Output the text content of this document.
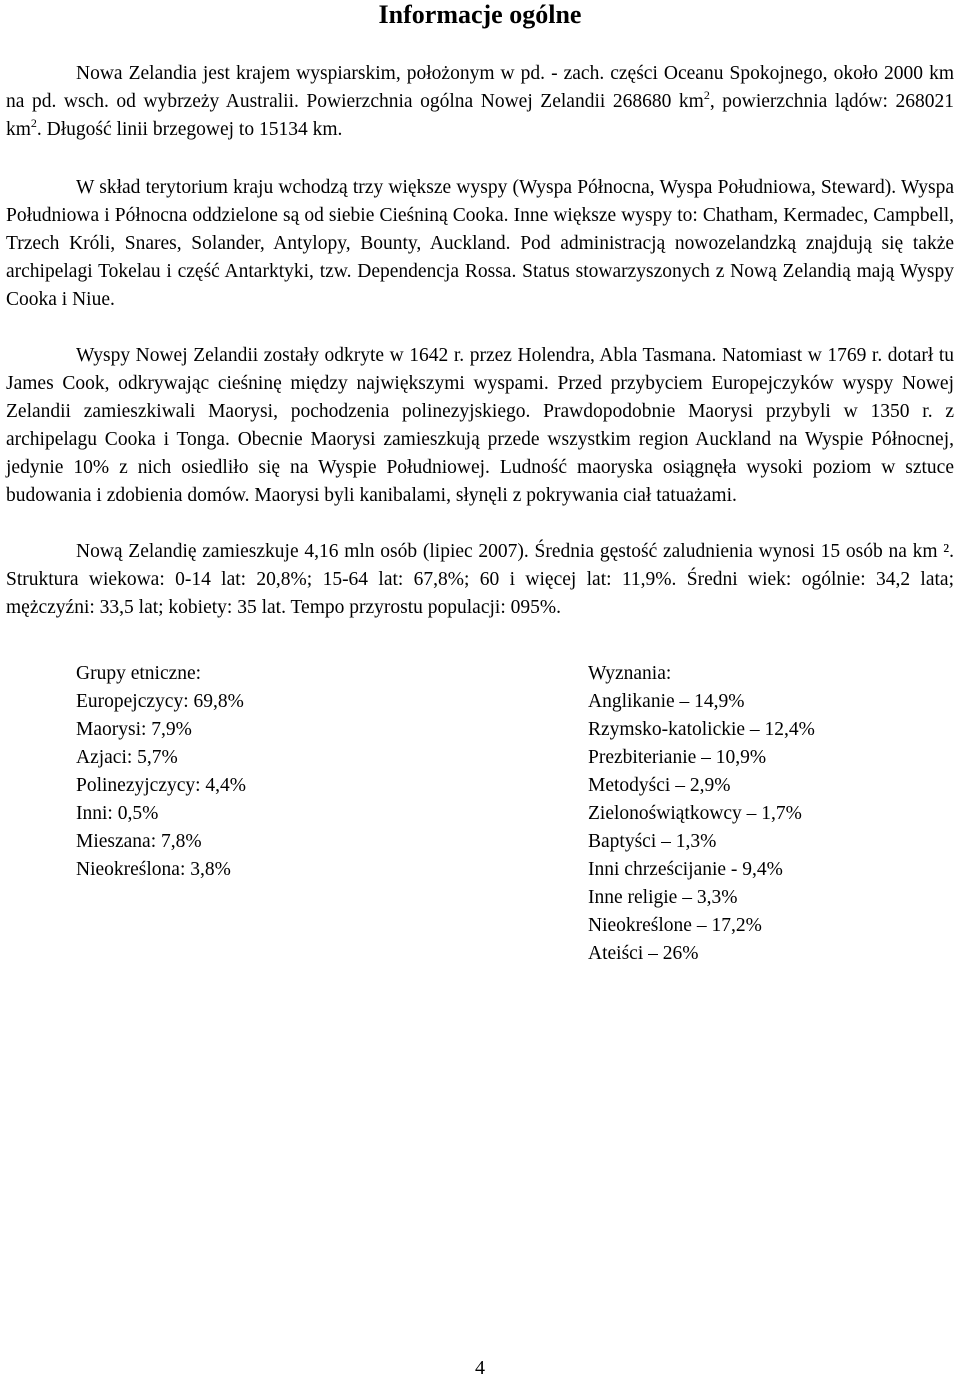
Informacje ogólne

Nowa Zelandia jest krajem wyspiarskim, położonym w pd. - zach. części Oceanu Spokojnego, około 2000 km na pd. wsch. od wybrzeży Australii. Powierzchnia ogólna Nowej Zelandii 268680 $km^2$, powierzchnia lądów: 268021 $km^2$. Długość linii brzegowej to 15134 km.

W skład terytorium kraju wchodzą trzy większe wyspy (Wyspa Północna, Wyspa Południowa, Steward). Wyspa Południowa i Północna oddzielone są od siebie Cieśniną Cooka. Inne większe wyspy to: Chatham, Kermadec, Campbell, Trzech Króli, Snares, Solander, Antylopy, Bounty, Auckland. Pod administracją nowozelandzką znajdują się także archipelagi Tokelau i część Antarktyki, tzw. Dependencja Rossa. Status stowarzyszonych z Nową Zelandią mają Wyspy Cooka i Niue.

Wyspy Nowej Zelandii zostały odkryte w 1642 r. przez Holendra, Abla Tasmana. Natomiast w 1769 r. dotarł tu James Cook, odkrywając cieśninę między największymi wyspami. Przed przybyciem Europejczyków wyspy Nowej Zelandii zamieszkiwali Maorysi, pochodzenia polinezyjskiego. Prawdopodobnie Maorysi przybyli w 1350 r. z archipelagu Cooka i Tonga. Obecnie Maorysi zamieszkują przede wszystkim region Auckland na Wyspie Północnej, jedynie 10% z nich osiedliło się na Wyspie Południowej. Ludność maoryska osiągnęła wysoki poziom w sztuce budowania i zdobienia domów. Maorysi byli kanibalami, słynęli z pokrywania ciał tatuażami.

Nową Zelandię zamieszkuje 4,16 mln osób (lipiec 2007). Średnia gęstość zaludnienia wynosi 15 osób na km ². Struktura wiekowa: 0-14 lat: 20,8%; 15-64 lat: 67,8%; 60 i więcej lat: 11,9%. Średni wiek: ogólnie: 34,2 lata; mężczyźni: 33,5 lat; kobiety: 35 lat. Tempo przyrostu populacji: 095%.

Grupy etniczne:
Europejczycy: 69,8%
Maorysi: 7,9%
Azjaci: 5,7%
Polinezyjczycy: 4,4%
Inni: 0,5%
Mieszana: 7,8%
Nieokreślona: 3,8%
Wyznania:
Anglikanie – 14,9%
Rzymsko-katolickie – 12,4%
Prezbiterianie – 10,9%
Metodyści – 2,9%
Zielonoświątkowcy – 1,7%
Baptyści – 1,3%
Inni chrześcijanie - 9,4%
Inne religie – 3,3%
Nieokreślone – 17,2%
Ateiści – 26%
4
